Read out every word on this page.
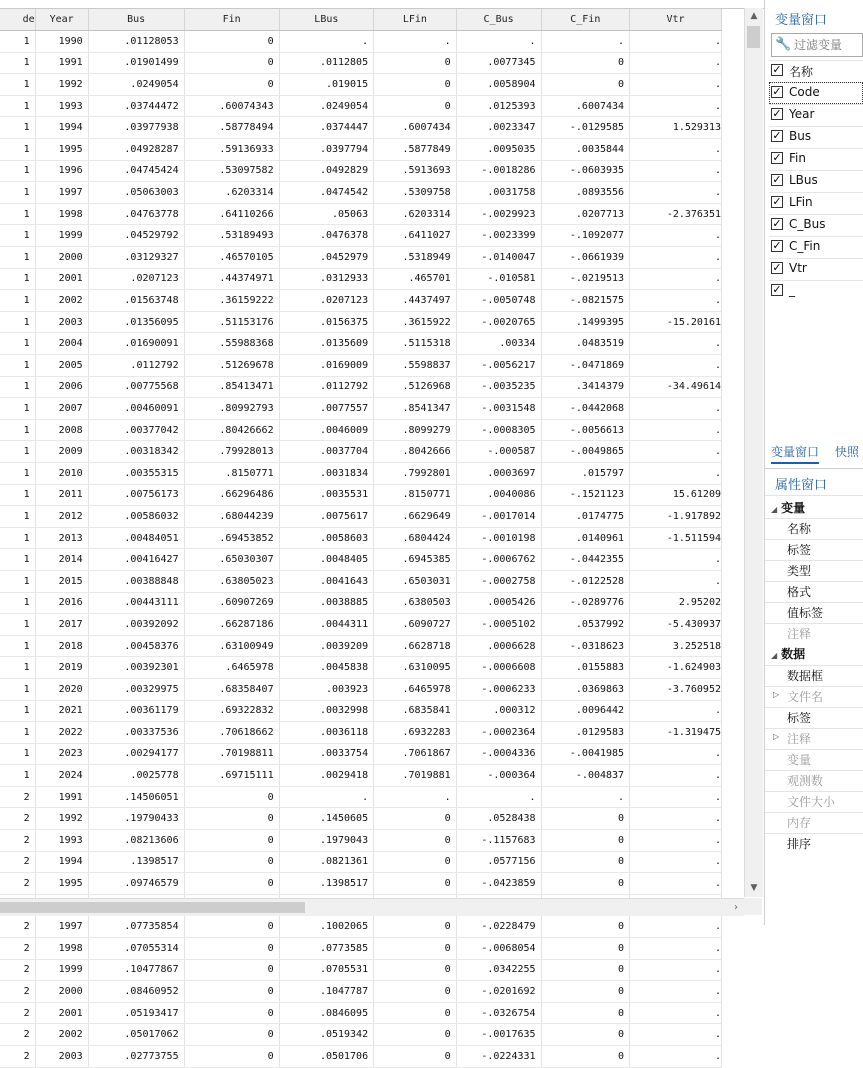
de	Year	Bus	Fin	LBus	LFin	C_Bus	C_Fin	Vtr
1	1990	.01128053	0	.	.	.	.	.
1	1991	.01901499	0	.0112805	0	.0077345	0	.
1	1992	.0249054	0	.019015	0	.0058904	0	.
1	1993	.03744472	.60074343	.0249054	0	.0125393	.6007434	.
1	1994	.03977938	.58778494	.0374447	.6007434	.0023347	-.0129585	1.529313
1	1995	.04928287	.59136933	.0397794	.5877849	.0095035	.0035844	.
1	1996	.04745424	.53097582	.0492829	.5913693	-.0018286	-.0603935	.
1	1997	.05063003	.6203314	.0474542	.5309758	.0031758	.0893556	.
1	1998	.04763778	.64110266	.05063	.6203314	-.0029923	.0207713	-2.376351
1	1999	.04529792	.53189493	.0476378	.6411027	-.0023399	-.1092077	.
1	2000	.03129327	.46570105	.0452979	.5318949	-.0140047	-.0661939	.
1	2001	.0207123	.44374971	.0312933	.465701	-.010581	-.0219513	.
1	2002	.01563748	.36159222	.0207123	.4437497	-.0050748	-.0821575	.
1	2003	.01356095	.51153176	.0156375	.3615922	-.0020765	.1499395	-15.20161
1	2004	.01690091	.55988368	.0135609	.5115318	.00334	.0483519	.
1	2005	.0112792	.51269678	.0169009	.5598837	-.0056217	-.0471869	.
1	2006	.00775568	.85413471	.0112792	.5126968	-.0035235	.3414379	-34.49614
1	2007	.00460091	.80992793	.0077557	.8541347	-.0031548	-.0442068	.
1	2008	.00377042	.80426662	.0046009	.8099279	-.0008305	-.0056613	.
1	2009	.00318342	.79928013	.0037704	.8042666	-.000587	-.0049865	.
1	2010	.00355315	.8150771	.0031834	.7992801	.0003697	.015797	.
1	2011	.00756173	.66296486	.0035531	.8150771	.0040086	-.1521123	15.61209
1	2012	.00586032	.68044239	.0075617	.6629649	-.0017014	.0174775	-1.917892
1	2013	.00484051	.69453852	.0058603	.6804424	-.0010198	.0140961	-1.511594
1	2014	.00416427	.65030307	.0048405	.6945385	-.0006762	-.0442355	.
1	2015	.00388848	.63805023	.0041643	.6503031	-.0002758	-.0122528	.
1	2016	.00443111	.60907269	.0038885	.6380503	.0005426	-.0289776	2.95202
1	2017	.00392092	.66287186	.0044311	.6090727	-.0005102	.0537992	-5.430937
1	2018	.00458376	.63100949	.0039209	.6628718	.0006628	-.0318623	3.252518
1	2019	.00392301	.6465978	.0045838	.6310095	-.0006608	.0155883	-1.624903
1	2020	.00329975	.68358407	.003923	.6465978	-.0006233	.0369863	-3.760952
1	2021	.00361179	.69322832	.0032998	.6835841	.000312	.0096442	.
1	2022	.00337536	.70618662	.0036118	.6932283	-.0002364	.0129583	-1.319475
1	2023	.00294177	.70198811	.0033754	.7061867	-.0004336	-.0041985	.
1	2024	.0025778	.69715111	.0029418	.7019881	-.000364	-.004837	.
2	1991	.14506051	0	.	.	.	.	.
2	1992	.19790433	0	.1450605	0	.0528438	0	.
2	1993	.08213606	0	.1979043	0	-.1157683	0	.
2	1994	.1398517	0	.0821361	0	.0577156	0	.
2	1995	.09746579	0	.1398517	0	-.0423859	0	.

2	1997	.07735854	0	.1002065	0	-.0228479	0	.
2	1998	.07055314	0	.0773585	0	-.0068054	0	.
2	1999	.10477867	0	.0705531	0	.0342255	0	.
2	2000	.08460952	0	.1047787	0	-.0201692	0	.
2	2001	.05193417	0	.0846095	0	-.0326754	0	.
2	2002	.05017062	0	.0519342	0	-.0017635	0	.
2	2003	.02773755	0	.0501706	0	-.0224331	0	.
▲
▼
›
变量窗口
🔧
过滤变量
✓ 名称
✓ Code
✓ Year
✓ Bus
✓ Fin
✓ LBus
✓ LFin
✓ C_Bus
✓ C_Fin
✓ Vtr
✓ _
变量窗口 快照
属性窗口
◢ 变量
名称
标签
类型
格式
值标签
注释
◢ 数据
数据框
▷ 文件名
标签
▷ 注释
变量
观测数
文件大小
内存
排序
